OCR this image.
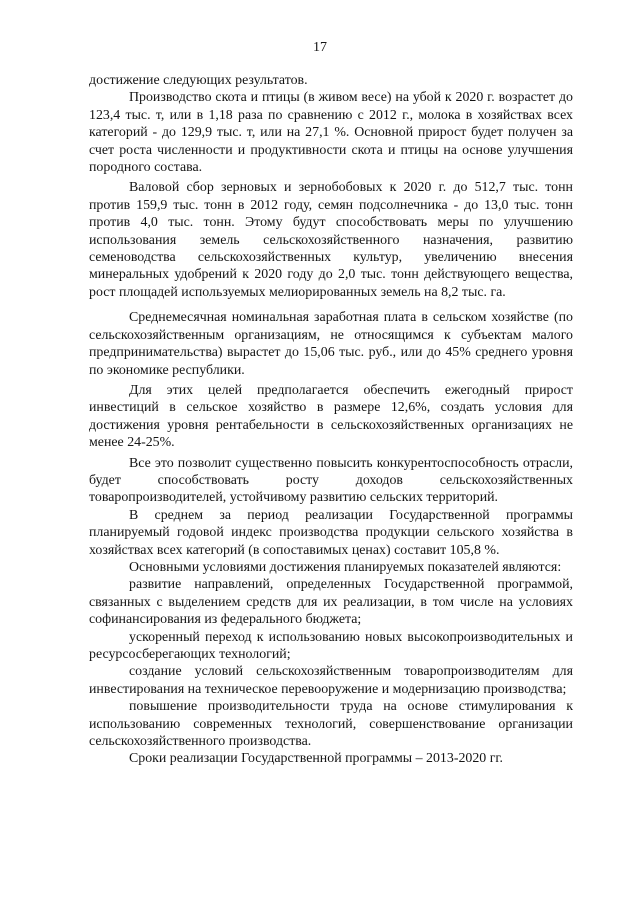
17

достижение следующих результатов.

Производство скота и птицы (в живом весе) на убой к 2020 г. возрастет до 123,4 тыс. т, или в 1,18 раза по сравнению с 2012 г., молока в хозяйствах всех категорий - до 129,9 тыс. т, или на 27,1 %. Основной прирост будет получен за счет роста численности и продуктивности скота и птицы на основе улучшения породного состава.

Валовой сбор зерновых и зернобобовых к 2020 г. до 512,7 тыс. тонн против 159,9 тыс. тонн в 2012 году, семян подсолнечника - до 13,0 тыс. тонн против 4,0 тыс. тонн. Этому будут способствовать меры по улучшению использования земель сельскохозяйственного назначения, развитию семеноводства сельскохозяйственных культур, увеличению внесения минеральных удобрений к 2020 году до 2,0 тыс. тонн действующего вещества, рост площадей используемых мелиорированных земель на 8,2 тыс. га.

Среднемесячная номинальная заработная плата в сельском хозяйстве (по сельскохозяйственным организациям, не относящимся к субъектам малого предпринимательства) вырастет до 15,06 тыс. руб., или до 45% среднего уровня по экономике республики.

Для этих целей предполагается обеспечить ежегодный прирост инвестиций в сельское хозяйство в размере 12,6%, создать условия для достижения уровня рентабельности в сельскохозяйственных организациях не менее 24-25%.

Все это позволит существенно повысить конкурентоспособность отрасли, будет способствовать росту доходов сельскохозяйственных товаропроизводителей, устойчивому развитию сельских территорий.

В среднем за период реализации Государственной программы планируемый годовой индекс производства продукции сельского хозяйства в хозяйствах всех категорий (в сопоставимых ценах) составит 105,8 %.

Основными условиями достижения планируемых показателей являются:

развитие направлений, определенных Государственной программой, связанных с выделением средств для их реализации, в том числе на условиях софинансирования из федерального бюджета;

ускоренный переход к использованию новых высокопроизводительных и ресурсосберегающих технологий;

создание условий сельскохозяйственным товаропроизводителям для инвестирования на техническое перевооружение и модернизацию производства;

повышение производительности труда на основе стимулирования к использованию современных технологий, совершенствование организации сельскохозяйственного производства.

Сроки реализации Государственной программы – 2013-2020 гг.
